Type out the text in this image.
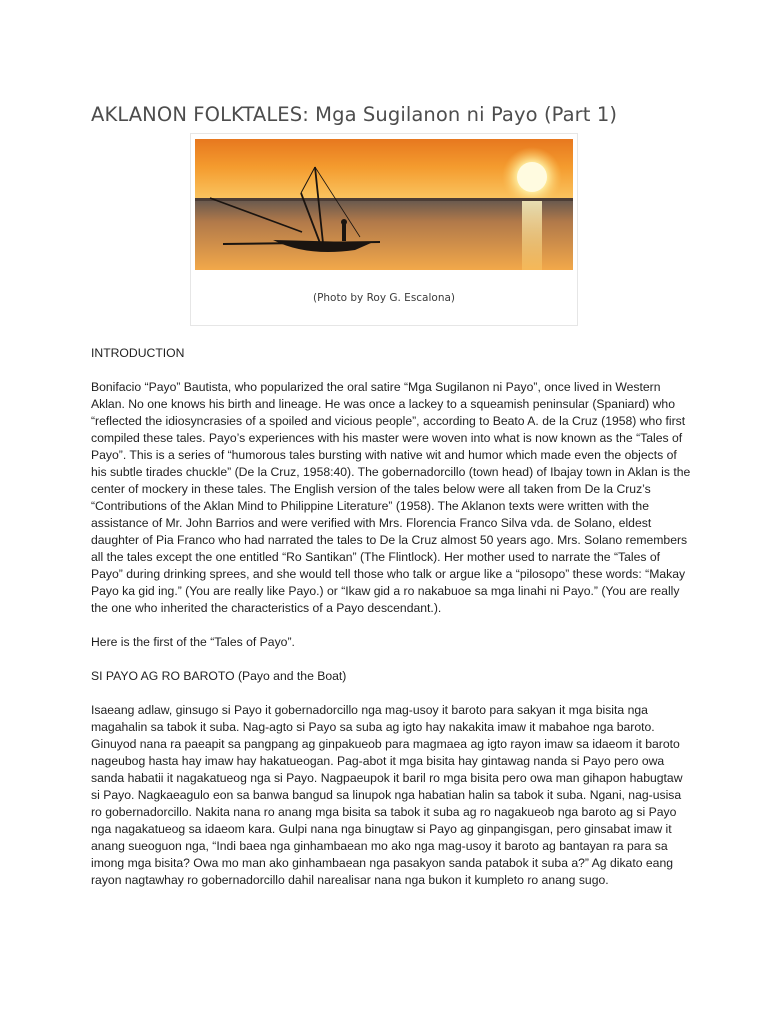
AKLANON FOLKTALES: Mga Sugilanon ni Payo (Part 1)
(Photo by Roy G. Escalona)

INTRODUCTION

Bonifacio “Payo” Bautista, who popularized the oral satire “Mga Sugilanon ni Payo”, once lived in Western Aklan. No one knows his birth and lineage. He was once a lackey to a squeamish peninsular (Spaniard) who “reflected the idiosyncrasies of a spoiled and vicious people”, according to Beato A. de la Cruz (1958) who first compiled these tales. Payo’s experiences with his master were woven into what is now known as the “Tales of Payo”. This is a series of “humorous tales bursting with native wit and humor which made even the objects of his subtle tirades chuckle” (De la Cruz, 1958:40). The gobernadorcillo (town head) of Ibajay town in Aklan is the center of mockery in these tales. The English version of the tales below were all taken from De la Cruz’s “Contributions of the Aklan Mind to Philippine Literature” (1958). The Aklanon texts were written with the assistance of Mr. John Barrios and were verified with Mrs. Florencia Franco Silva vda. de Solano, eldest daughter of Pia Franco who had narrated the tales to De la Cruz almost 50 years ago. Mrs. Solano remembers all the tales except the one entitled “Ro Santikan” (The Flintlock). Her mother used to narrate the “Tales of Payo” during drinking sprees, and she would tell those who talk or argue like a “pilosopo” these words: “Makay Payo ka gid ing.” (You are really like Payo.) or “Ikaw gid a ro nakabuoe sa mga linahi ni Payo.” (You are really the one who inherited the characteristics of a Payo descendant.).

Here is the first of the “Tales of Payo”.

SI PAYO AG RO BAROTO (Payo and the Boat)

Isaeang adlaw, ginsugo si Payo it gobernadorcillo nga mag-usoy it baroto para sakyan it mga bisita nga magahalin sa tabok it suba. Nag-agto si Payo sa suba ag igto hay nakakita imaw it mabahoe nga baroto. Ginuyod nana ra paeapit sa pangpang ag ginpakueob para magmaea ag igto rayon imaw sa idaeom it baroto nageubog hasta hay imaw hay hakatueogan. Pag-abot it mga bisita hay gintawag nanda si Payo pero owa sanda habatii it nagakatueog nga si Payo. Nagpaeupok it baril ro mga bisita pero owa man gihapon habugtaw si Payo. Nagkaeagulo eon sa banwa bangud sa linupok nga habatian halin sa tabok it suba. Ngani, nag-usisa ro gobernadorcillo. Nakita nana ro anang mga bisita sa tabok it suba ag ro nagakueob nga baroto ag si Payo nga nagakatueog sa idaeom kara. Gulpi nana nga binugtaw si Payo ag ginpangisgan, pero ginsabat imaw it anang sueoguon nga, “Indi baea nga ginhambaean mo ako nga mag-usoy it baroto ag bantayan ra para sa imong mga bisita? Owa mo man ako ginhambaean nga pasakyon sanda patabok it suba a?” Ag dikato eang rayon nagtawhay ro gobernadorcillo dahil narealisar nana nga bukon it kumpleto ro anang sugo.
